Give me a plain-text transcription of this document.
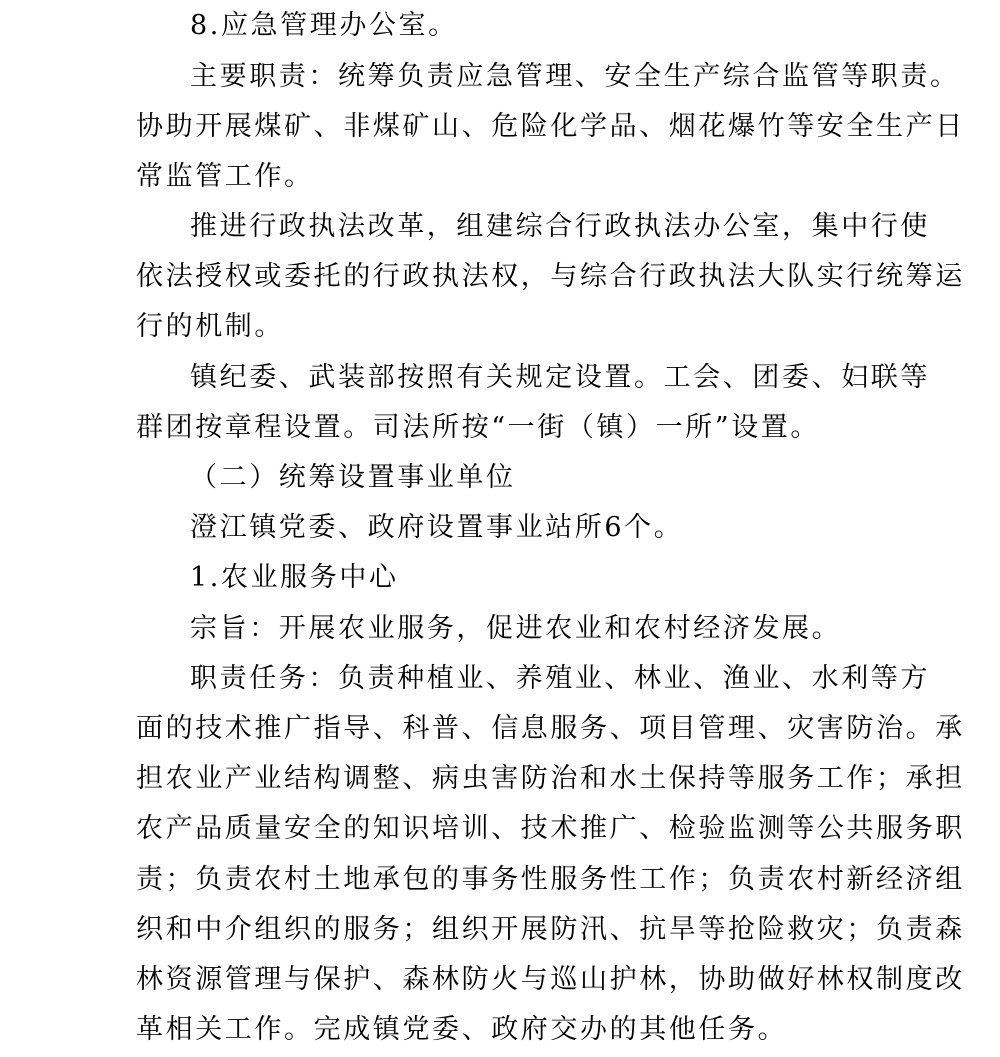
8.应急管理办公室。
主要职责：统筹负责应急管理、安全生产综合监管等职责。
协助开展煤矿、非煤矿山、危险化学品、烟花爆竹等安全生产日
常监管工作。
推进行政执法改革，组建综合行政执法办公室，集中行使
依法授权或委托的行政执法权，与综合行政执法大队实行统筹运
行的机制。
镇纪委、武装部按照有关规定设置。工会、团委、妇联等
群团按章程设置。司法所按“一街（镇）一所”设置。
（二）统筹设置事业单位
澄江镇党委、政府设置事业站所6个。
1.农业服务中心
宗旨：开展农业服务，促进农业和农村经济发展。
职责任务：负责种植业、养殖业、林业、渔业、水利等方
面的技术推广指导、科普、信息服务、项目管理、灾害防治。承
担农业产业结构调整、病虫害防治和水土保持等服务工作；承担
农产品质量安全的知识培训、技术推广、检验监测等公共服务职
责；负责农村土地承包的事务性服务性工作；负责农村新经济组
织和中介组织的服务；组织开展防汛、抗旱等抢险救灾；负责森
林资源管理与保护、森林防火与巡山护林，协助做好林权制度改
革相关工作。完成镇党委、政府交办的其他任务。
